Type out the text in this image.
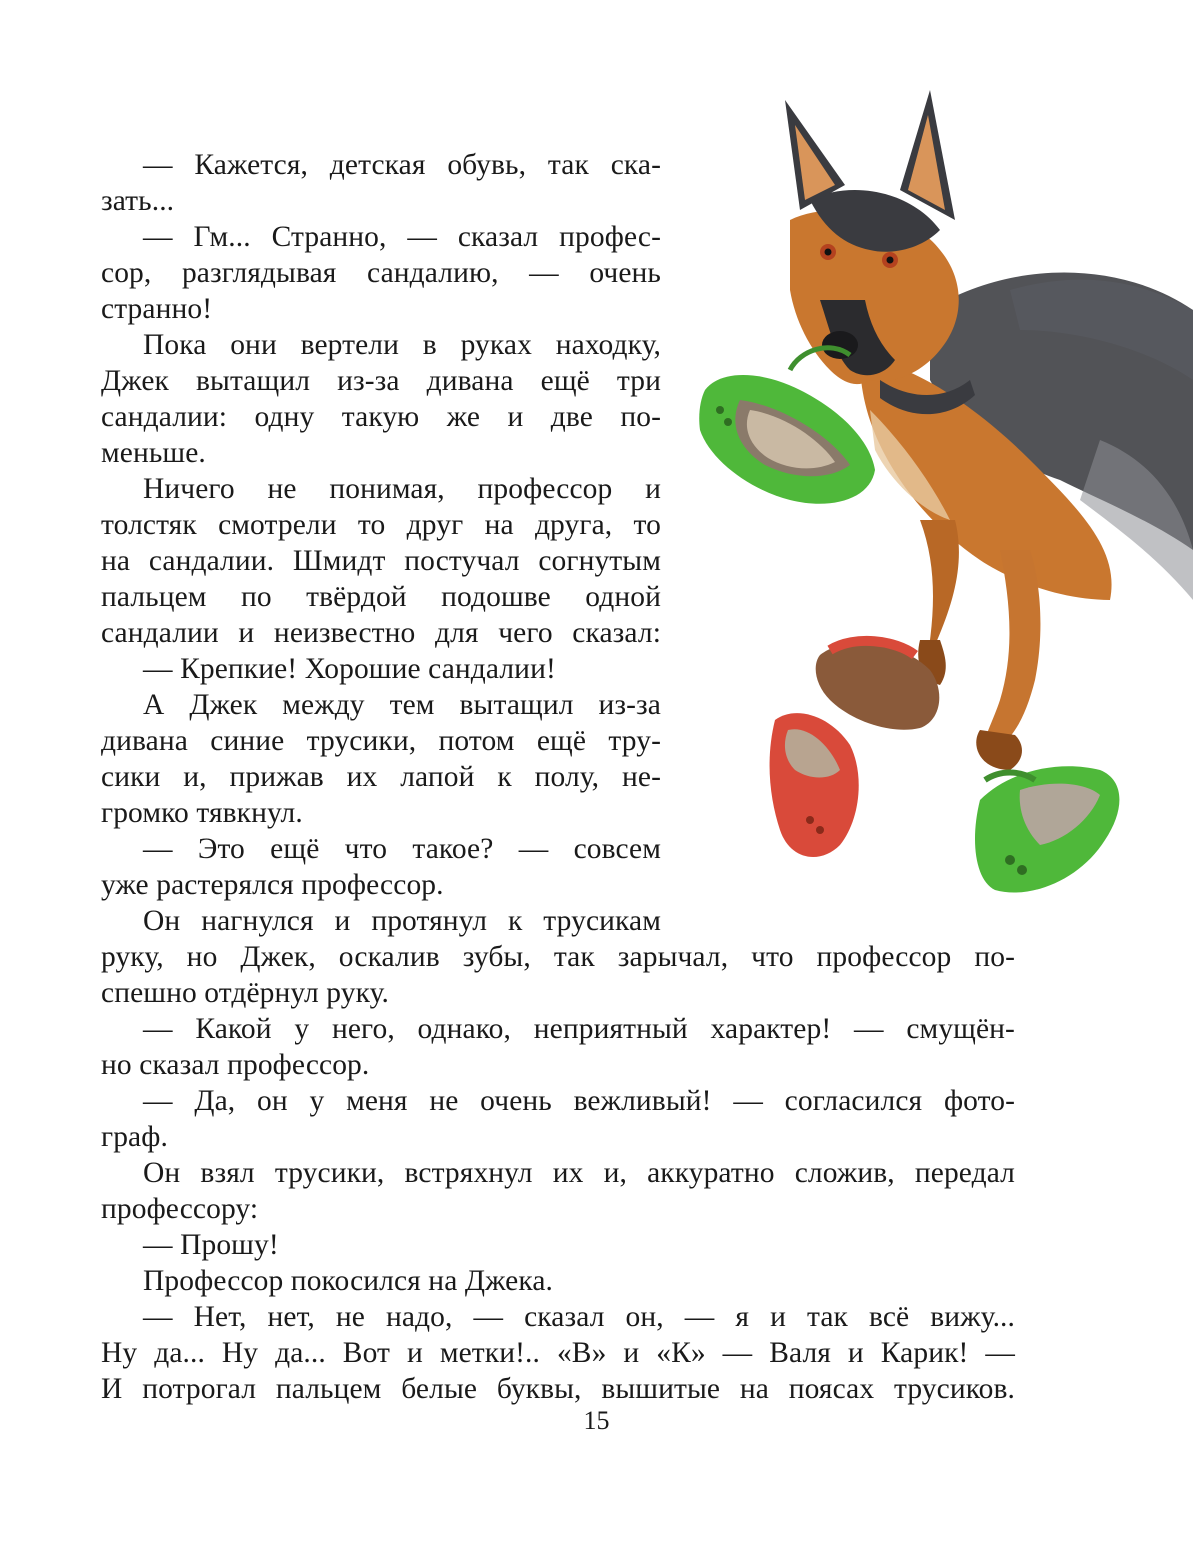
— Кажется, детская обувь, так ска-
зать...
— Гм... Странно, — сказал профес-
сор, разглядывая сандалию, — очень
странно!
Пока они вертели в руках находку,
Джек вытащил из-за дивана ещё три
сандалии: одну такую же и две по-
меньше.
Ничего не понимая, профессор и
толстяк смотрели то друг на друга, то
на сандалии. Шмидт постучал согнутым
пальцем по твёрдой подошве одной
сандалии и неизвестно для чего сказал:
— Крепкие! Хорошие сандалии!
А Джек между тем вытащил из-за
дивана синие трусики, потом ещё тру-
сики и, прижав их лапой к полу, не-
громко тявкнул.
— Это ещё что такое? — совсем
уже растерялся профессор.
Он нагнулся и протянул к трусикам
руку, но Джек, оскалив зубы, так зарычал, что профессор по-
спешно отдёрнул руку.
— Какой у него, однако, неприятный характер! — смущён-
но сказал профессор.
— Да, он у меня не очень вежливый! — согласился фото-
граф.
Он взял трусики, встряхнул их и, аккуратно сложив, передал
профессору:
— Прошу!
Профессор покосился на Джека.
— Нет, нет, не надо, — сказал он, — я и так всё вижу...
Ну да... Ну да... Вот и метки!.. «В» и «К» — Валя и Карик! —
И потрогал пальцем белые буквы, вышитые на поясах трусиков.
15
